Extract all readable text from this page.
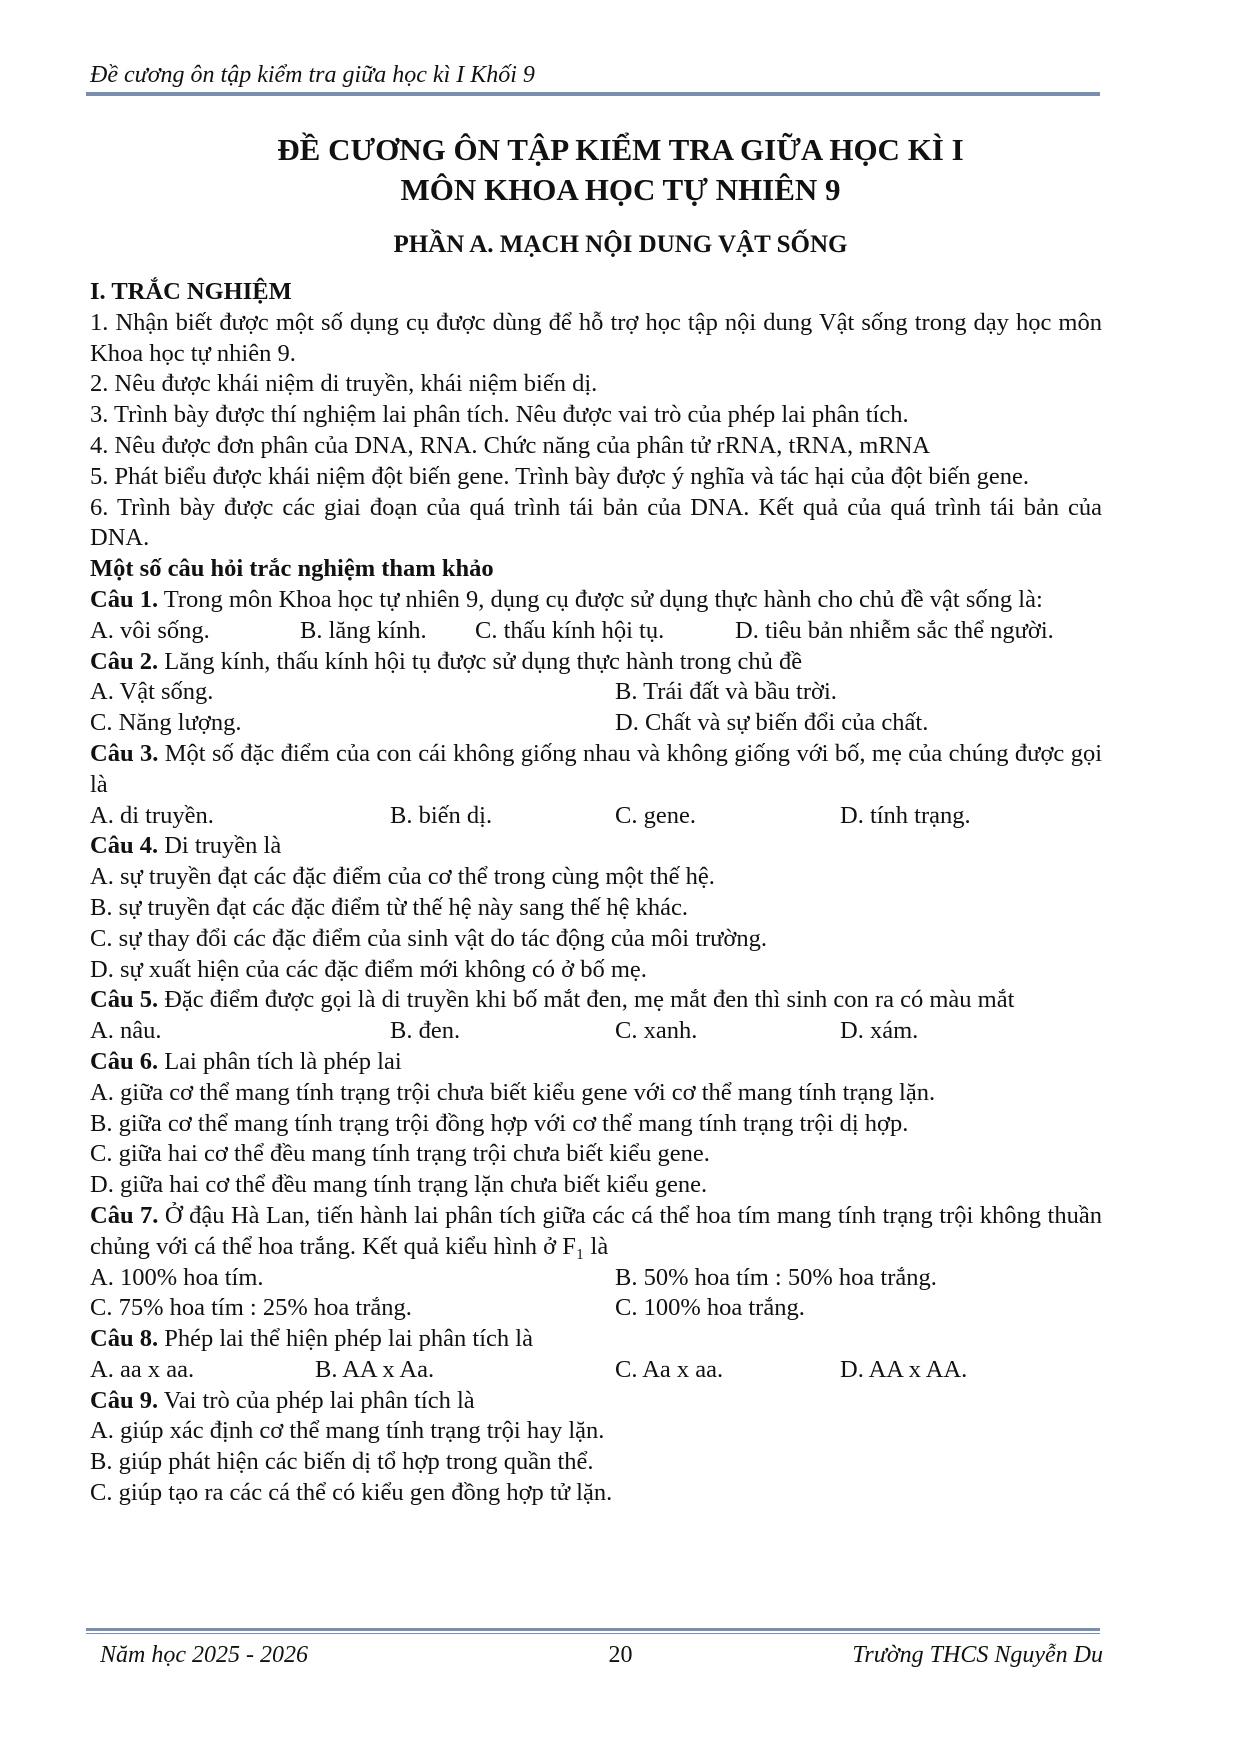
Đề cương ôn tập kiểm tra giữa học kì I Khối 9
ĐỀ CƯƠNG ÔN TẬP KIỂM TRA GIỮA HỌC KÌ I
MÔN KHOA HỌC TỰ NHIÊN 9
PHẦN A. MẠCH NỘI DUNG VẬT SỐNG

I. TRẮC NGHIỆM

1. Nhận biết được một số dụng cụ được dùng để hỗ trợ học tập nội dung Vật sống trong dạy học môn Khoa học tự nhiên 9.

2. Nêu được khái niệm di truyền, khái niệm biến dị.

3. Trình bày được thí nghiệm lai phân tích. Nêu được vai trò của phép lai phân tích.

4. Nêu được đơn phân của DNA, RNA. Chức năng của phân tử rRNA, tRNA, mRNA

5. Phát biểu được khái niệm đột biến gene. Trình bày được ý nghĩa và tác hại của đột biến gene.

6. Trình bày được các giai đoạn của quá trình tái bản của DNA. Kết quả của quá trình tái bản của DNA.

Một số câu hỏi trắc nghiệm tham khảo

Câu 1. Trong môn Khoa học tự nhiên 9, dụng cụ được sử dụng thực hành cho chủ đề vật sống là:

A. vôi sống.	B. lăng kính.	C. thấu kính hội tụ.	D. tiêu bản nhiễm sắc thể người.

Câu 2. Lăng kính, thấu kính hội tụ được sử dụng thực hành trong chủ đề

A. Vật sống.	B. Trái đất và bầu trời.
C. Năng lượng.	D. Chất và sự biến đổi của chất.

Câu 3. Một số đặc điểm của con cái không giống nhau và không giống với bố, mẹ của chúng được gọi là

A. di truyền.	B. biến dị.	C. gene.	D. tính trạng.

Câu 4. Di truyền là

A. sự truyền đạt các đặc điểm của cơ thể trong cùng một thế hệ.

B. sự truyền đạt các đặc điểm từ thế hệ này sang thế hệ khác.

C. sự thay đổi các đặc điểm của sinh vật do tác động của môi trường.

D. sự xuất hiện của các đặc điểm mới không có ở bố mẹ.

Câu 5. Đặc điểm được gọi là di truyền khi bố mắt đen, mẹ mắt đen thì sinh con ra có màu mắt

A. nâu.	B. đen.	C. xanh.	D. xám.

Câu 6. Lai phân tích là phép lai

A. giữa cơ thể mang tính trạng trội chưa biết kiểu gene với cơ thể mang tính trạng lặn.

B. giữa cơ thể mang tính trạng trội đồng hợp với cơ thể mang tính trạng trội dị hợp.

C. giữa hai cơ thể đều mang tính trạng trội chưa biết kiểu gene.

D. giữa hai cơ thể đều mang tính trạng lặn chưa biết kiểu gene.

Câu 7. Ở đậu Hà Lan, tiến hành lai phân tích giữa các cá thể hoa tím mang tính trạng trội không thuần chủng với cá thể hoa trắng. Kết quả kiểu hình ở F₁ là

A. 100% hoa tím.	B. 50% hoa tím : 50% hoa trắng.
C. 75% hoa tím : 25% hoa trắng.	C. 100% hoa trắng.

Câu 8. Phép lai thể hiện phép lai phân tích là

A. aa x aa.	B. AA x Aa.	C. Aa x aa.	D. AA x AA.

Câu 9. Vai trò của phép lai phân tích là

A. giúp xác định cơ thể mang tính trạng trội hay lặn.

B. giúp phát hiện các biến dị tổ hợp trong quần thể.

C. giúp tạo ra các cá thể có kiểu gen đồng hợp tử lặn.

Năm học 2025 - 2026	20	Trường THCS Nguyễn Du
